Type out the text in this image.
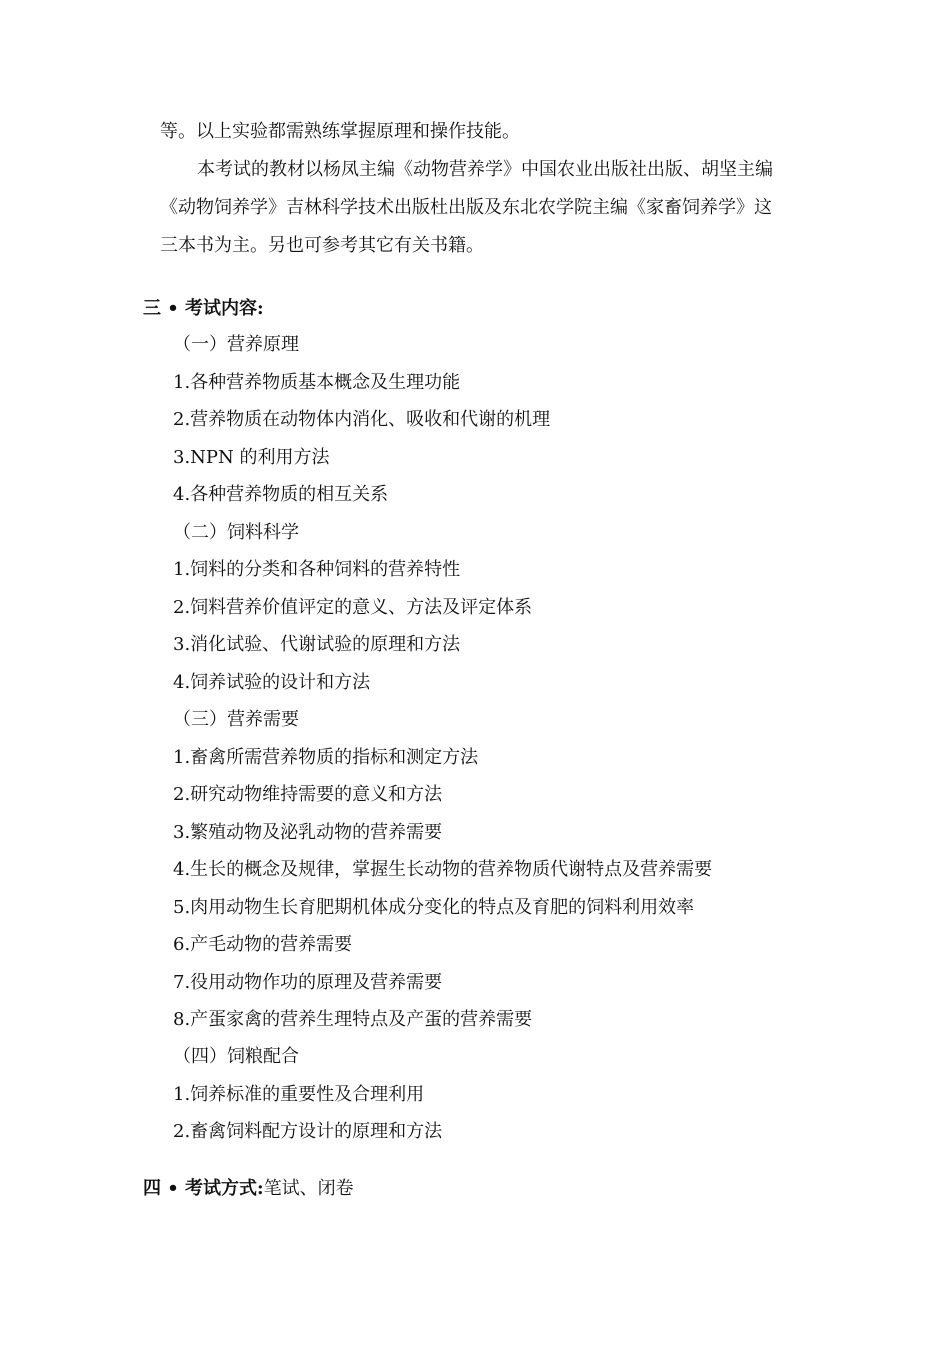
等。以上实验都需熟练掌握原理和操作技能。
本考试的教材以杨凤主编《动物营养学》中国农业出版社出版、胡坚主编
《动物饲养学》吉林科学技术出版杜出版及东北农学院主编《家畜饲养学》这
三本书为主。另也可参考其它有关书籍。
三 • 考试内容:
（一）营养原理
1.各种营养物质基本概念及生理功能
2.营养物质在动物体内消化、吸收和代谢的机理
3.NPN 的利用方法
4.各种营养物质的相互关系
（二）饲料科学
1.饲料的分类和各种饲料的营养特性
2.饲料营养价值评定的意义、方法及评定体系
3.消化试验、代谢试验的原理和方法
4.饲养试验的设计和方法
（三）营养需要
1.畜禽所需营养物质的指标和测定方法
2.研究动物维持需要的意义和方法
3.繁殖动物及泌乳动物的营养需要
4.生长的概念及规律，掌握生长动物的营养物质代谢特点及营养需要
5.肉用动物生长育肥期机体成分变化的特点及育肥的饲料利用效率
6.产毛动物的营养需要
7.役用动物作功的原理及营养需要
8.产蛋家禽的营养生理特点及产蛋的营养需要
（四）饲粮配合
1.饲养标准的重要性及合理利用
2.畜禽饲料配方设计的原理和方法
四 • 考试方式:笔试、闭卷
